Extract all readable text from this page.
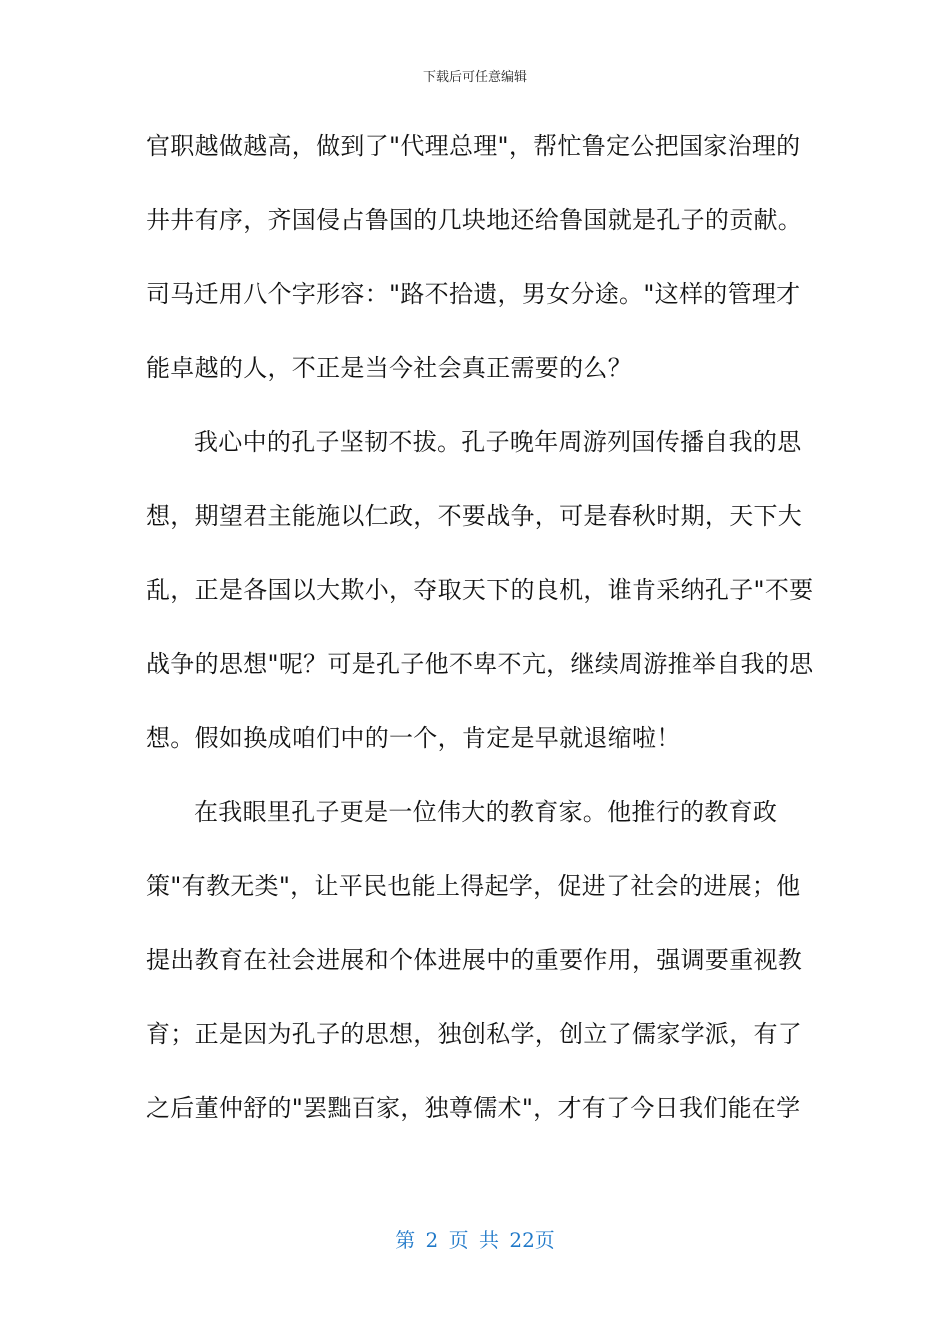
下载后可任意编辑
官职越做越高，做到了"代理总理"，帮忙鲁定公把国家治理的
井井有序，齐国侵占鲁国的几块地还给鲁国就是孔子的贡献。
司马迁用八个字形容："路不拾遗，男女分途。"这样的管理才
能卓越的人，不正是当今社会真正需要的么？
我心中的孔子坚韧不拔。孔子晚年周游列国传播自我的思
想，期望君主能施以仁政，不要战争，可是春秋时期，天下大
乱，正是各国以大欺小，夺取天下的良机，谁肯采纳孔子"不要
战争的思想"呢？可是孔子他不卑不亢，继续周游推举自我的思
想。假如换成咱们中的一个，肯定是早就退缩啦！
在我眼里孔子更是一位伟大的教育家。他推行的教育政
策"有教无类"，让平民也能上得起学，促进了社会的进展；他
提出教育在社会进展和个体进展中的重要作用，强调要重视教
育；正是因为孔子的思想，独创私学，创立了儒家学派，有了
之后董仲舒的"罢黜百家，独尊儒术"，才有了今日我们能在学
第 2 页 共 22页
